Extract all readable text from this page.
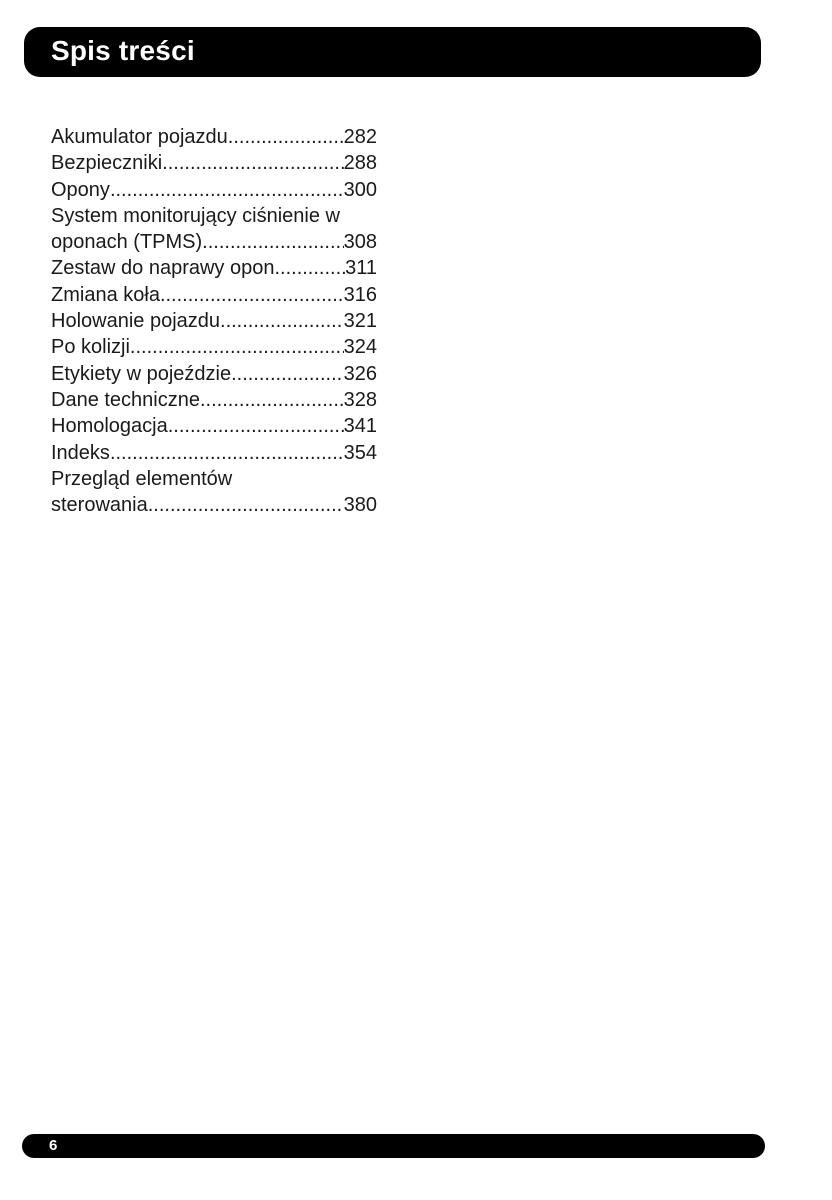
Spis treści
Akumulator pojazdu .....	282
Bezpieczniki .....	288
Opony .....	300
System monitorujący ciśnienie w
oponach (TPMS) .....	308
Zestaw do naprawy opon .....	311
Zmiana koła .....	316
Holowanie pojazdu .....	321
Po kolizji .....	324
Etykiety w pojeździe .....	326
Dane techniczne .....	328
Homologacja .....	341
Indeks .....	354
Przegląd elementów
sterowania .....	380
6
